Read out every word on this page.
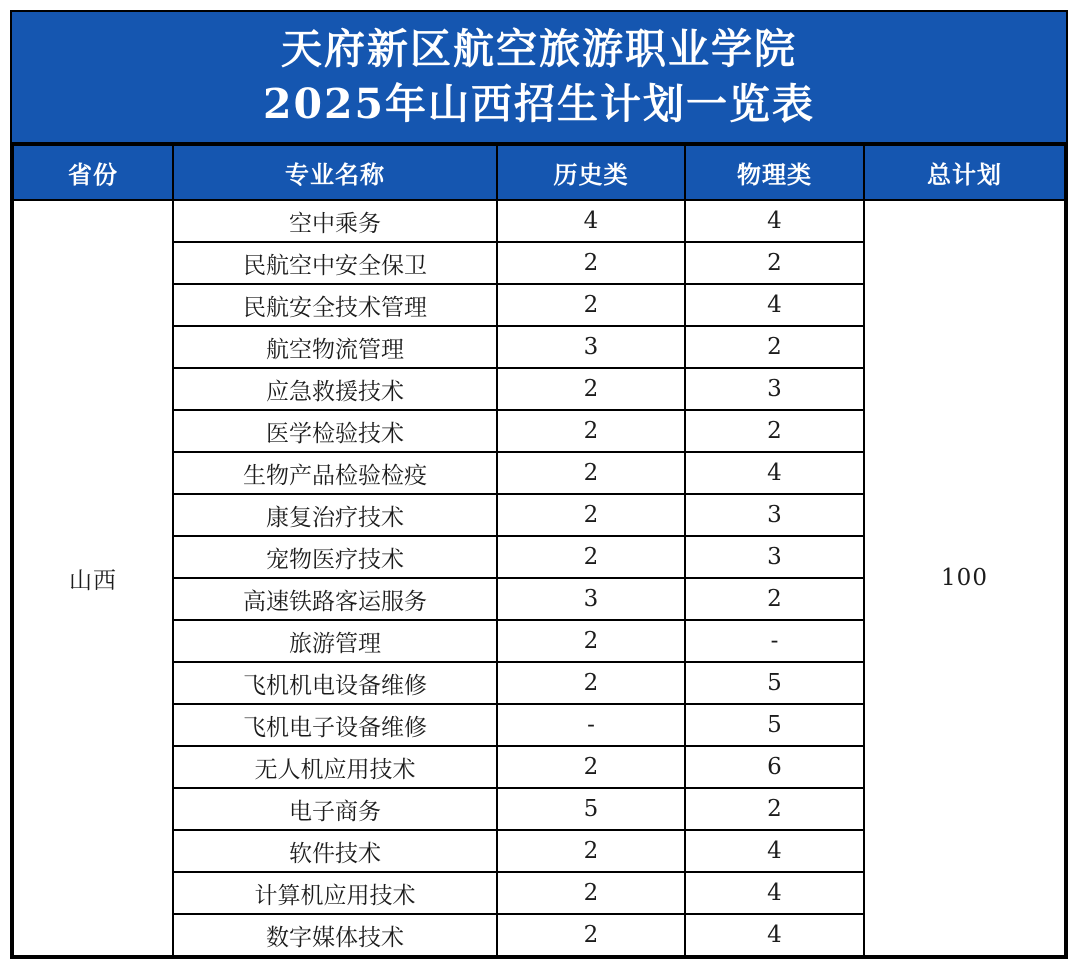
天府新区航空旅游职业学院
2025年山西招生计划一览表
省份	专业名称	历史类	物理类	总计划
山西	空中乘务	4	4	100
	民航空中安全保卫	2	2	
	民航安全技术管理	2	4	
	航空物流管理	3	2	
	应急救援技术	2	3	
	医学检验技术	2	2	
	生物产品检验检疫	2	4	
	康复治疗技术	2	3	
	宠物医疗技术	2	3	
	高速铁路客运服务	3	2	
	旅游管理	2	-	
	飞机机电设备维修	2	5	
	飞机电子设备维修	-	5	
	无人机应用技术	2	6	
	电子商务	5	2	
	软件技术	2	4	
	计算机应用技术	2	4	
	数字媒体技术	2	4	
